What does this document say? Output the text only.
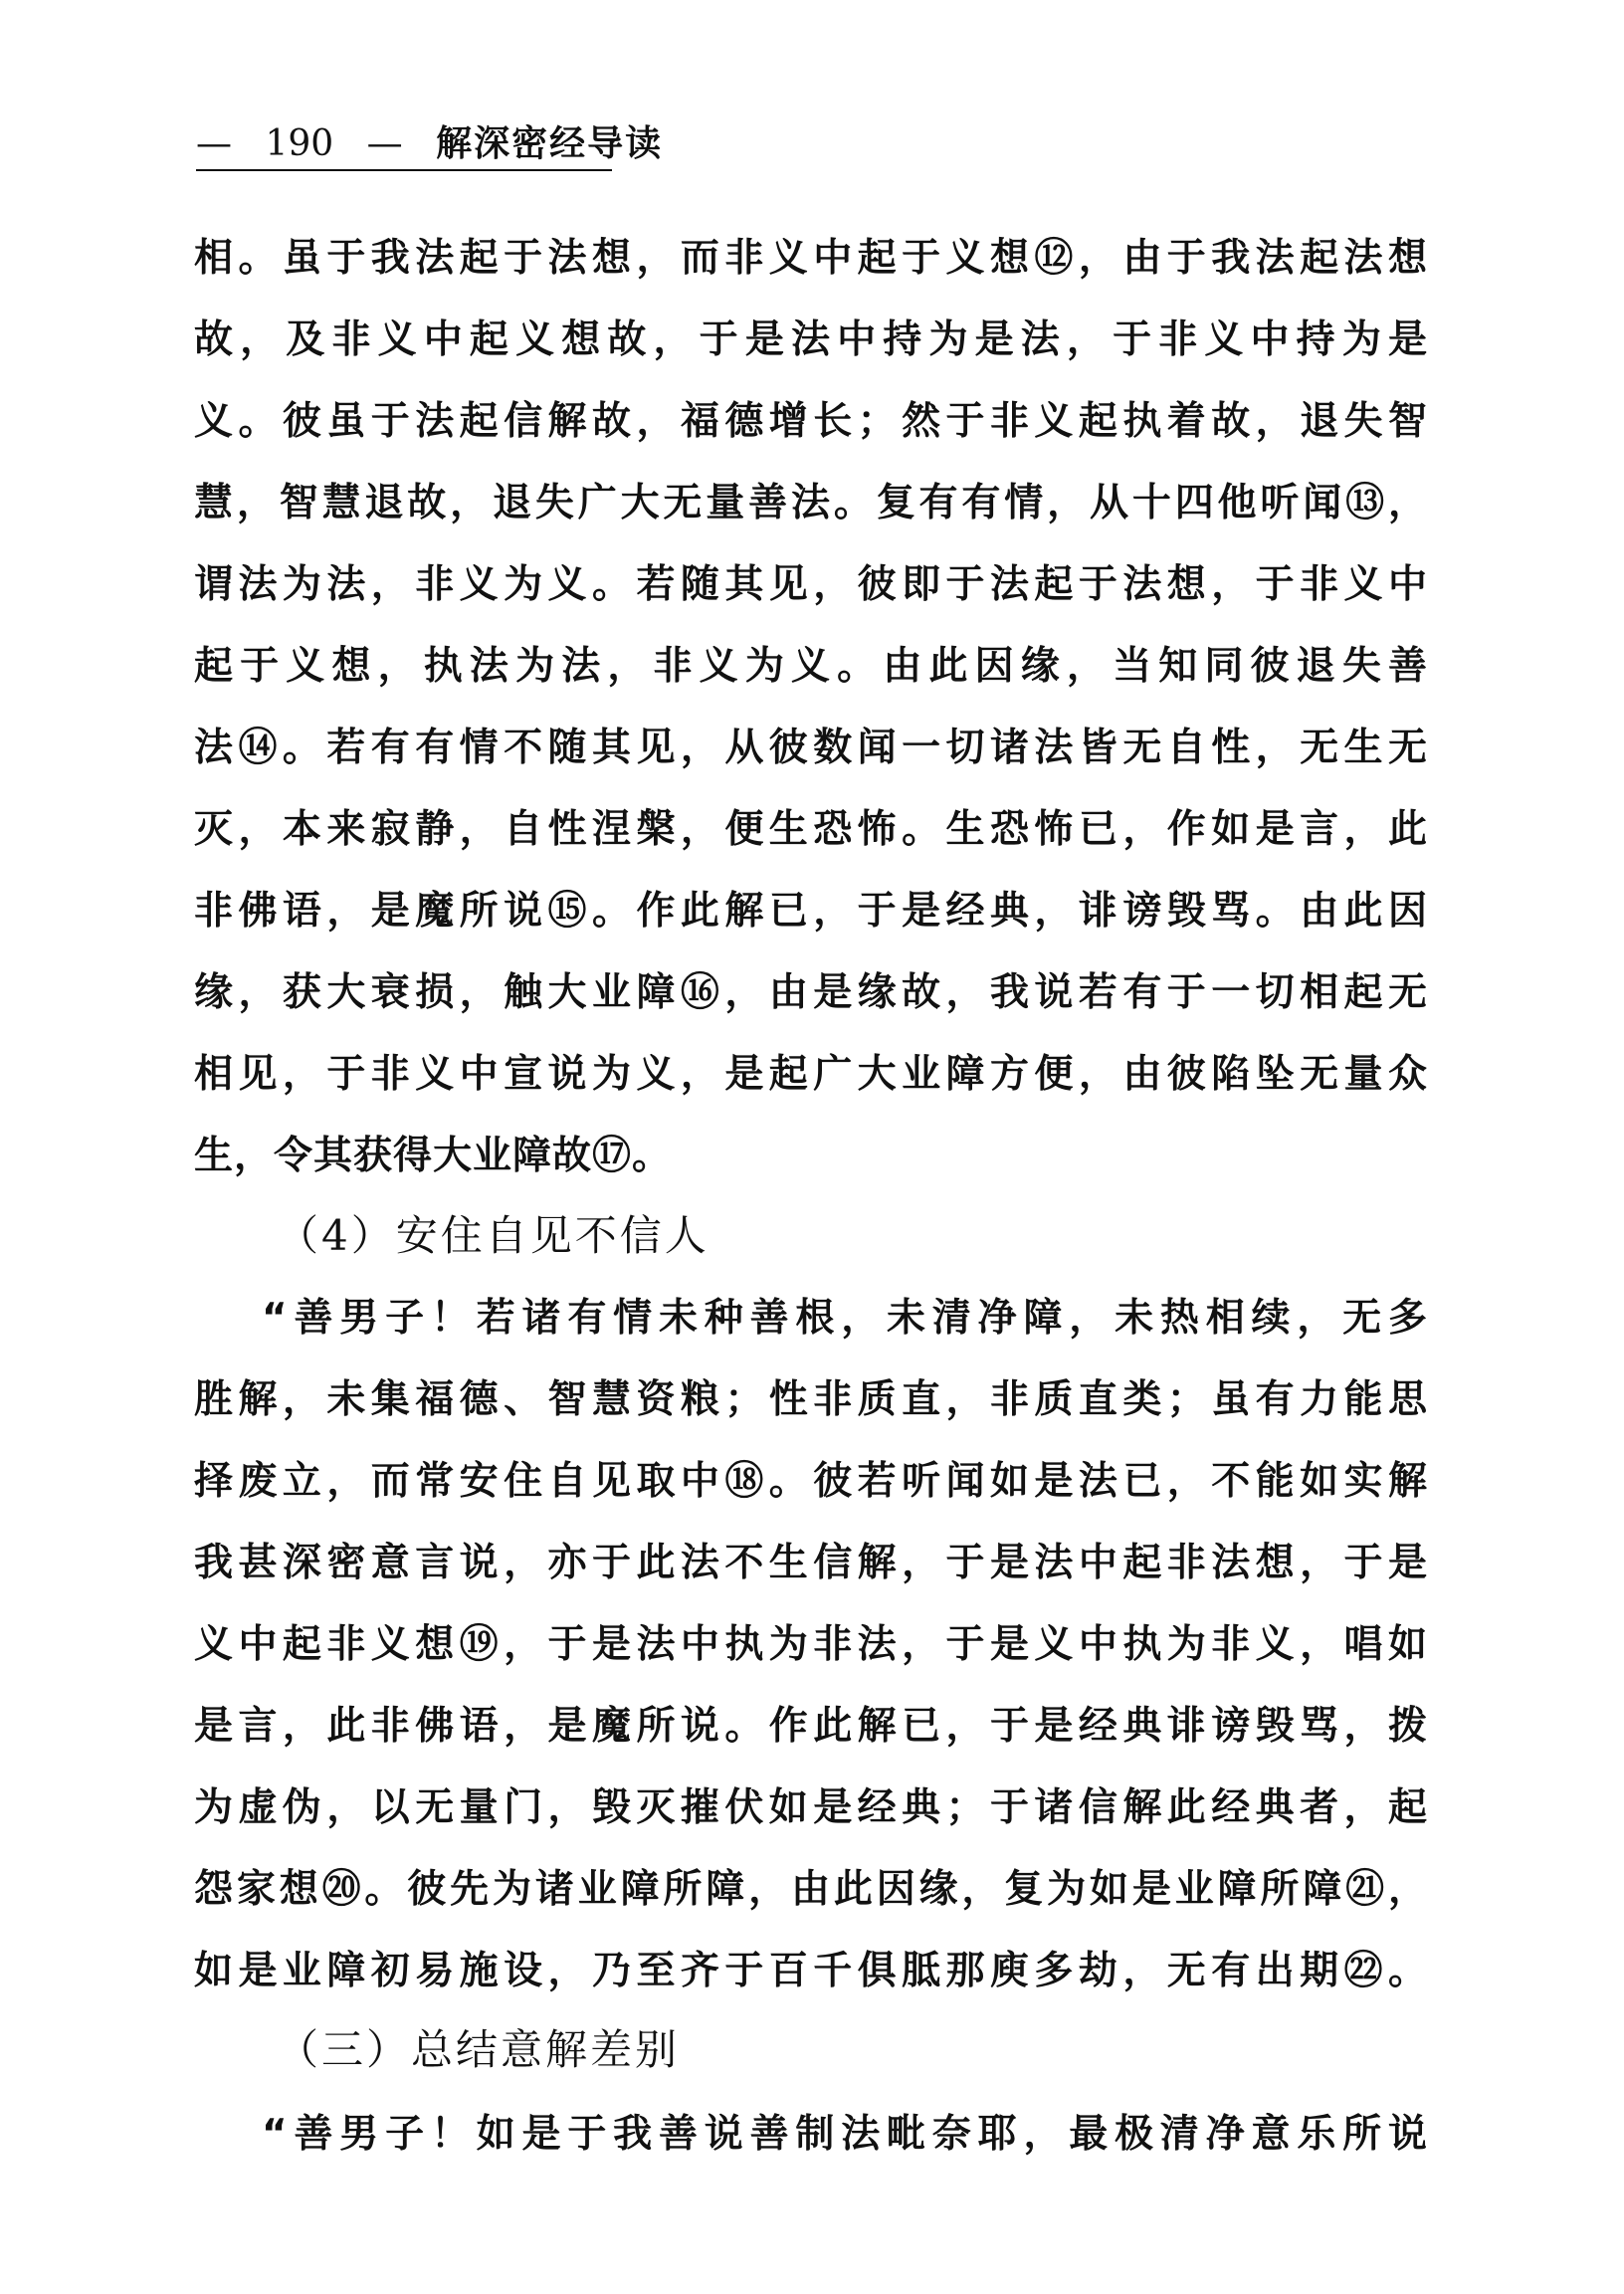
— 190 — 解深密经导读
相。虽于我法起于法想，而非义中起于义想⑫，由于我法起法想
故，及非义中起义想故，于是法中持为是法，于非义中持为是
义。彼虽于法起信解故，福德增长；然于非义起执着故，退失智
慧，智慧退故，退失广大无量善法。复有有情，从十四他听闻⑬，
谓法为法，非义为义。若随其见，彼即于法起于法想，于非义中
起于义想，执法为法，非义为义。由此因缘，当知同彼退失善
法⑭。若有有情不随其见，从彼数闻一切诸法皆无自性，无生无
灭，本来寂静，自性涅槃，便生恐怖。生恐怖已，作如是言，此
非佛语，是魔所说⑮。作此解已，于是经典，诽谤毁骂。由此因
缘，获大衰损，触大业障⑯，由是缘故，我说若有于一切相起无
相见，于非义中宣说为义，是起广大业障方便，由彼陷坠无量众
生，令其获得大业障故⑰。
（4）安住自见不信人
“善男子！若诸有情未种善根，未清净障，未热相续，无多
胜解，未集福德、智慧资粮；性非质直，非质直类；虽有力能思
择废立，而常安住自见取中⑱。彼若听闻如是法已，不能如实解
我甚深密意言说，亦于此法不生信解，于是法中起非法想，于是
义中起非义想⑲，于是法中执为非法，于是义中执为非义，唱如
是言，此非佛语，是魔所说。作此解已，于是经典诽谤毁骂，拨
为虚伪，以无量门，毁灭摧伏如是经典；于诸信解此经典者，起
怨家想⑳。彼先为诸业障所障，由此因缘，复为如是业障所障㉑，
如是业障初易施设，乃至齐于百千俱胝那庾多劫，无有出期㉒。
（三）总结意解差别
“善男子！如是于我善说善制法毗奈耶，最极清净意乐所说
